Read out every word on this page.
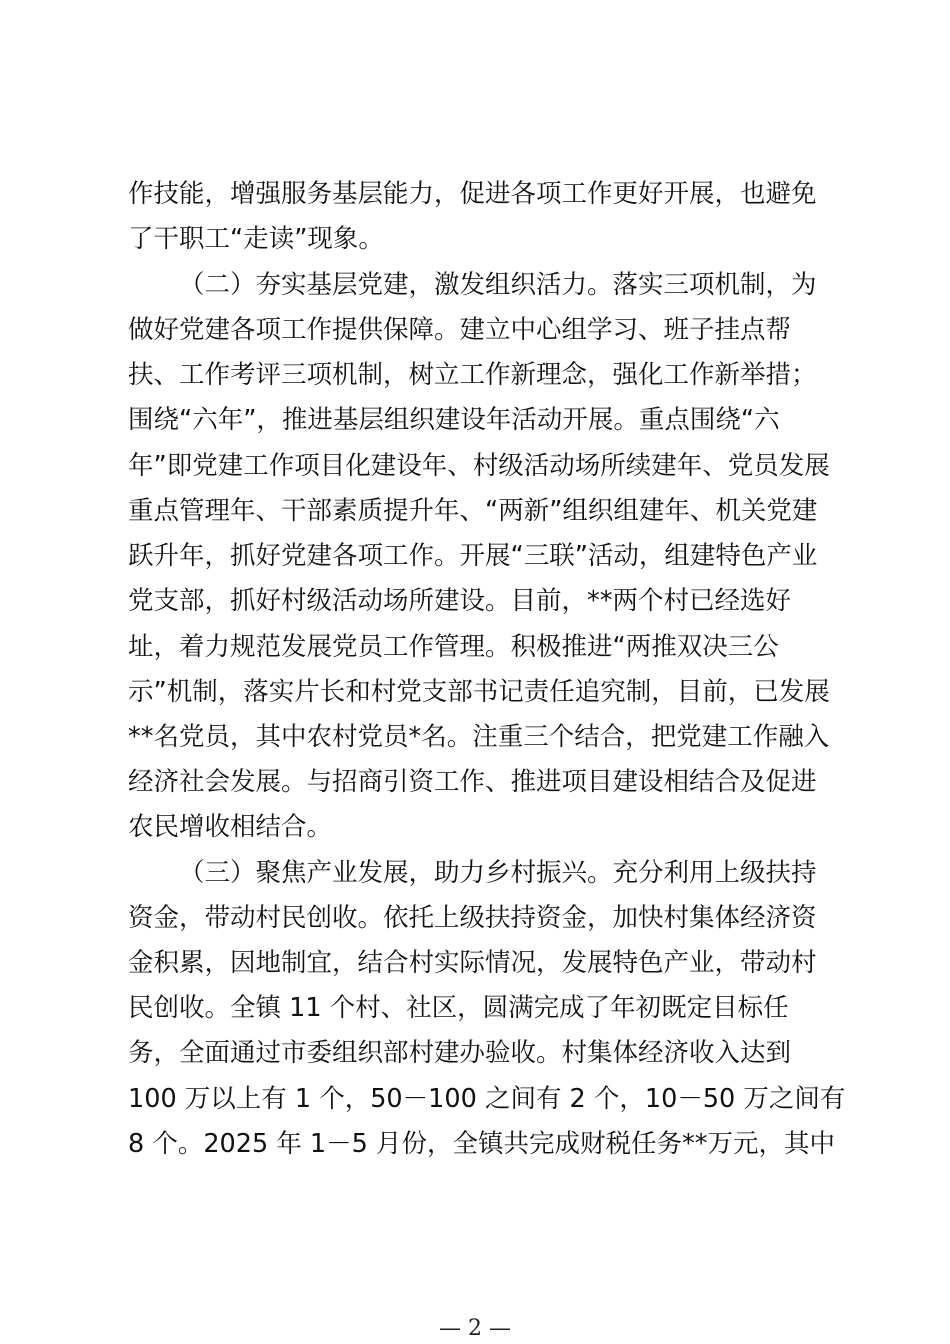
作技能，增强服务基层能力，促进各项工作更好开展，也避免
了干职工“走读”现象。
（二）夯实基层党建，激发组织活力。落实三项机制，为
做好党建各项工作提供保障。建立中心组学习、班子挂点帮
扶、工作考评三项机制，树立工作新理念，强化工作新举措；
围绕“六年”，推进基层组织建设年活动开展。重点围绕“六
年”即党建工作项目化建设年、村级活动场所续建年、党员发展
重点管理年、干部素质提升年、“两新”组织组建年、机关党建
跃升年，抓好党建各项工作。开展“三联”活动，组建特色产业
党支部，抓好村级活动场所建设。目前，**两个村已经选好
址，着力规范发展党员工作管理。积极推进“两推双决三公
示”机制，落实片长和村党支部书记责任追究制，目前，已发展
**名党员，其中农村党员*名。注重三个结合，把党建工作融入
经济社会发展。与招商引资工作、推进项目建设相结合及促进
农民增收相结合。
（三）聚焦产业发展，助力乡村振兴。充分利用上级扶持
资金，带动村民创收。依托上级扶持资金，加快村集体经济资
金积累，因地制宜，结合村实际情况，发展特色产业，带动村
民创收。全镇 11 个村、社区，圆满完成了年初既定目标任
务，全面通过市委组织部村建办验收。村集体经济收入达到
100 万以上有 1 个，50－100 之间有 2 个，10－50 万之间有
8 个。2025 年 1－5 月份，全镇共完成财税任务**万元，其中
— 2 —
